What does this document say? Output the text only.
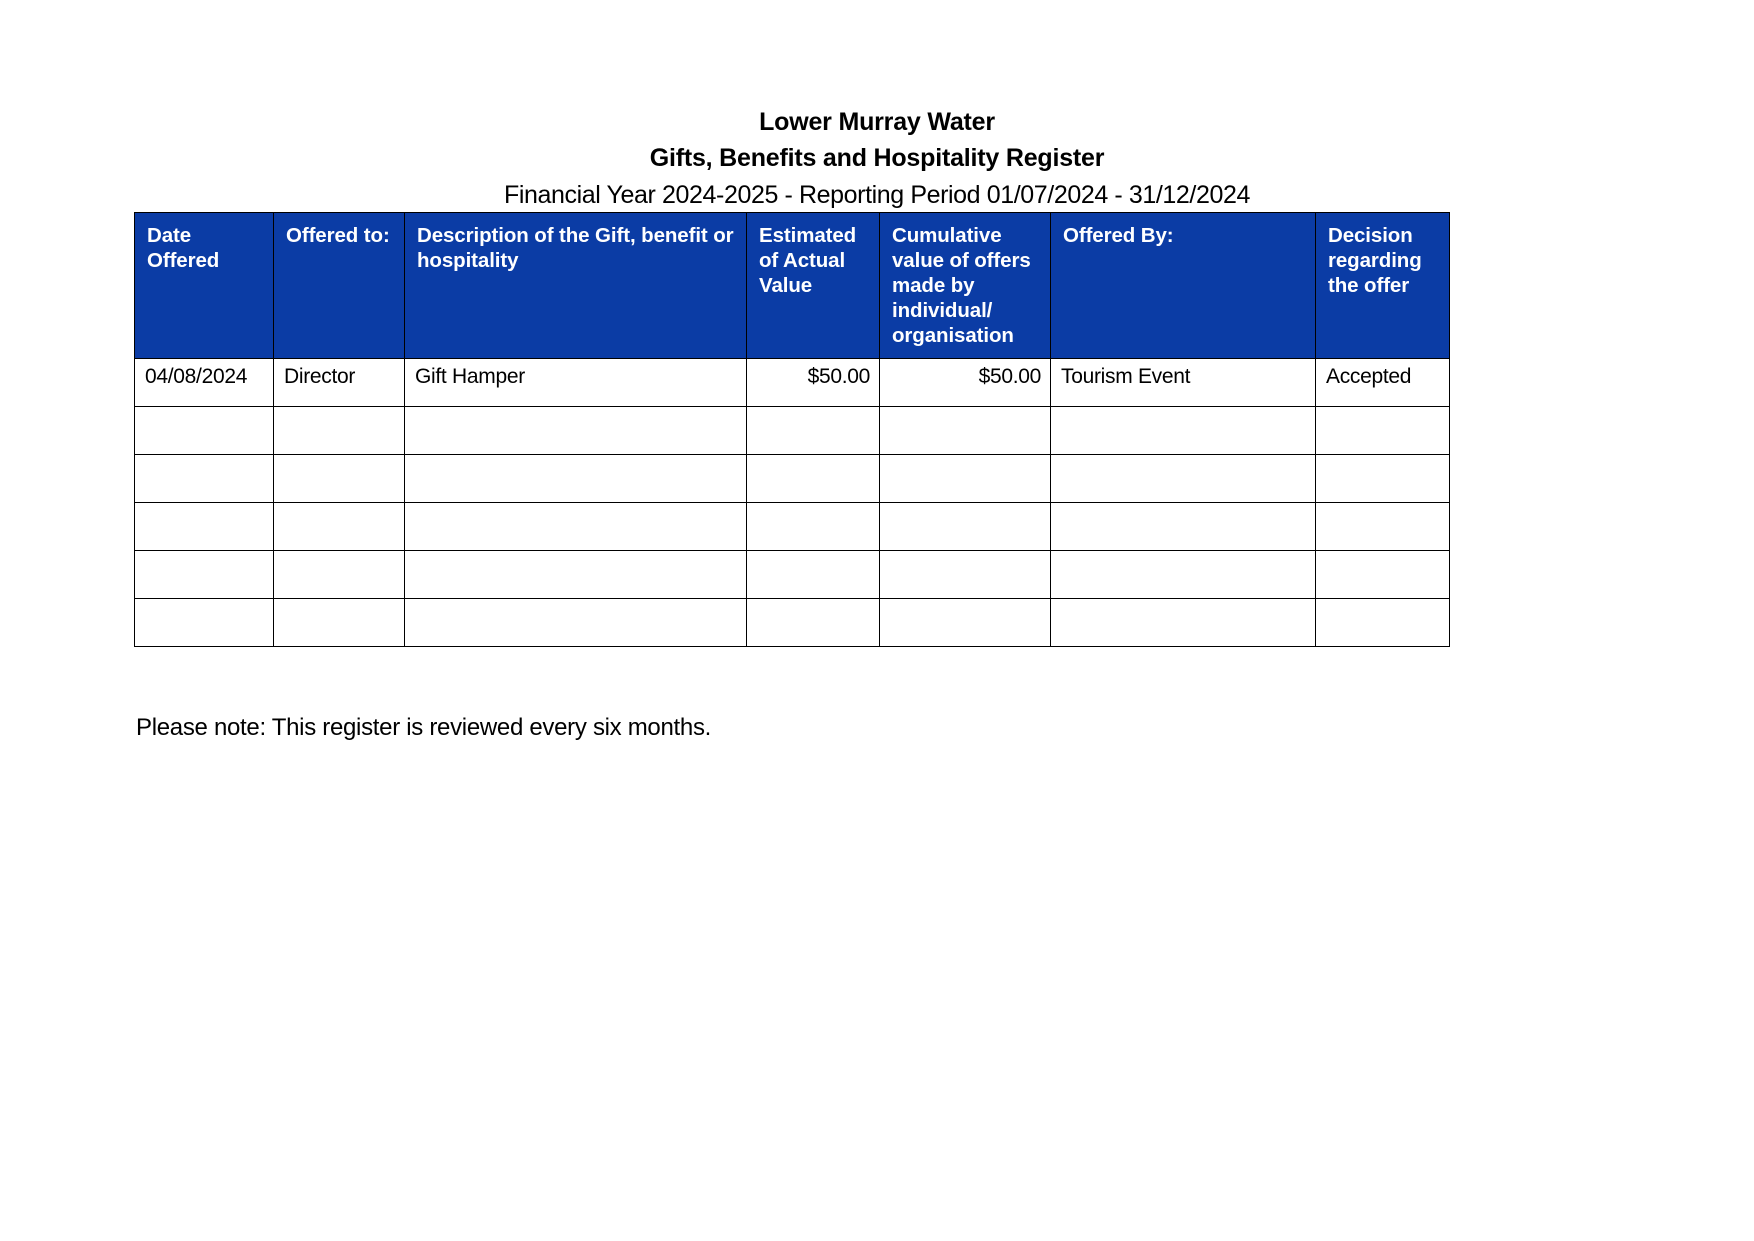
Lower Murray Water
Gifts, Benefits and Hospitality Register
Financial Year 2024-2025 - Reporting Period 01/07/2024 - 31/12/2024
Date Offered	Offered to:	Description of the Gift, benefit or hospitality	Estimated of Actual Value	Cumulative value of offers made by individual/ organisation	Offered By:	Decision regarding the offer
04/08/2024	Director	Gift Hamper	$50.00	$50.00	Tourism Event	Accepted

Please note: This register is reviewed every six months.
